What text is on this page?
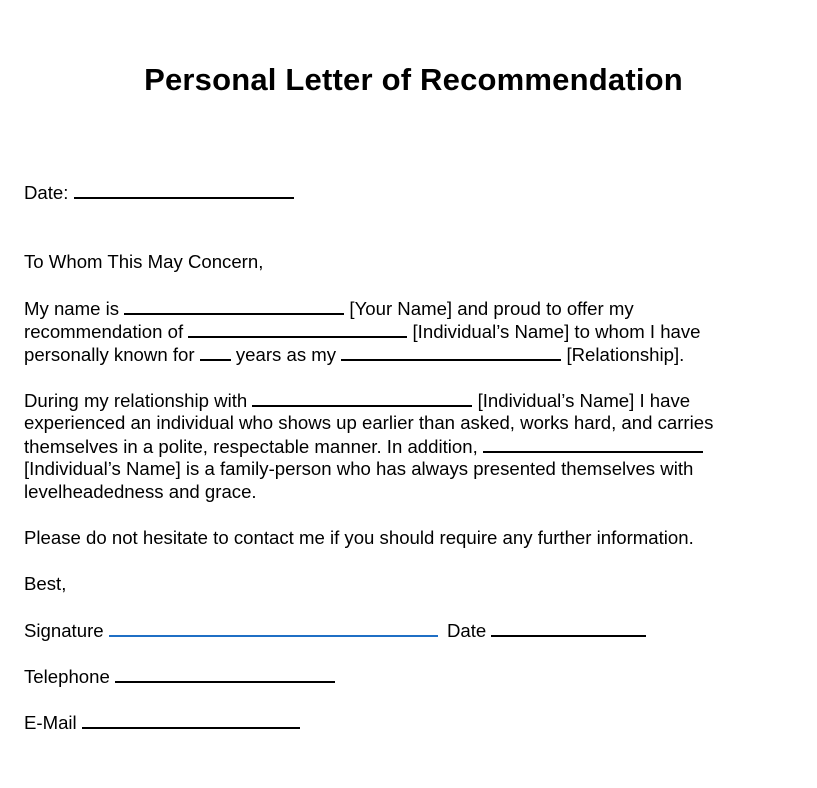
Personal Letter of Recommendation
Date:
To Whom This May Concern,
My name is	[Your Name] and proud to offer my
recommendation of	[Individual’s Name] to whom I have
personally known for years as my	[Relationship].
During my relationship with	[Individual’s Name] I have
experienced an individual who shows up earlier than asked, works hard, and carries
themselves in a polite, respectable manner. In addition,
[Individual’s Name] is a family-person who has always presented themselves with
levelheadedness and grace.
Please do not hesitate to contact me if you should require any further information.
Best,
Signature	Date
Telephone
E-Mail
